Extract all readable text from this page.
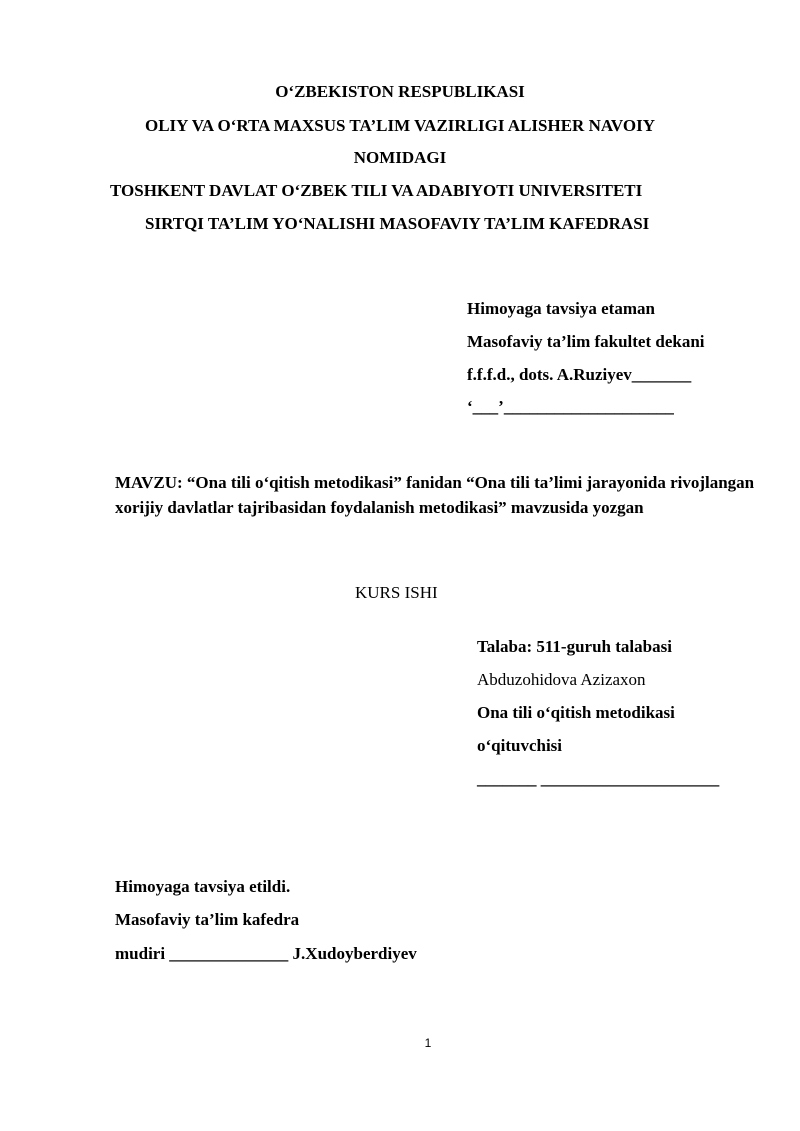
O‘ZBEKISTON RESPUBLIKASI
OLIY VA O‘RTA MAXSUS TA’LIM VAZIRLIGI ALISHER NAVOIY
NOMIDAGI
TOSHKENT DAVLAT O‘ZBEK TILI VA ADABIYOTI UNIVERSITETI
SIRTQI TA’LIM YO‘NALISHI MASOFAVIY TA’LIM KAFEDRASI
Himoyaga tavsiya etaman
Masofaviy ta’lim fakultet dekani
f.f.f.d., dots. A.Ruziyev_______
‘___’____________________
MAVZU: “Ona tili o‘qitish metodikasi” fanidan “Ona tili ta’limi jarayonida rivojlangan xorijiy davlatlar tajribasidan foydalanish metodikasi” mavzusida yozgan
KURS ISHI
Talaba: 511-guruh talabasi
Abduzohidova Azizaxon
Ona tili o‘qitish metodikasi
o‘qituvchisi
_______ _____________________
Himoyaga tavsiya etildi.
Masofaviy ta’lim kafedra
mudiri ______________ J.Xudoyberdiyev
1
